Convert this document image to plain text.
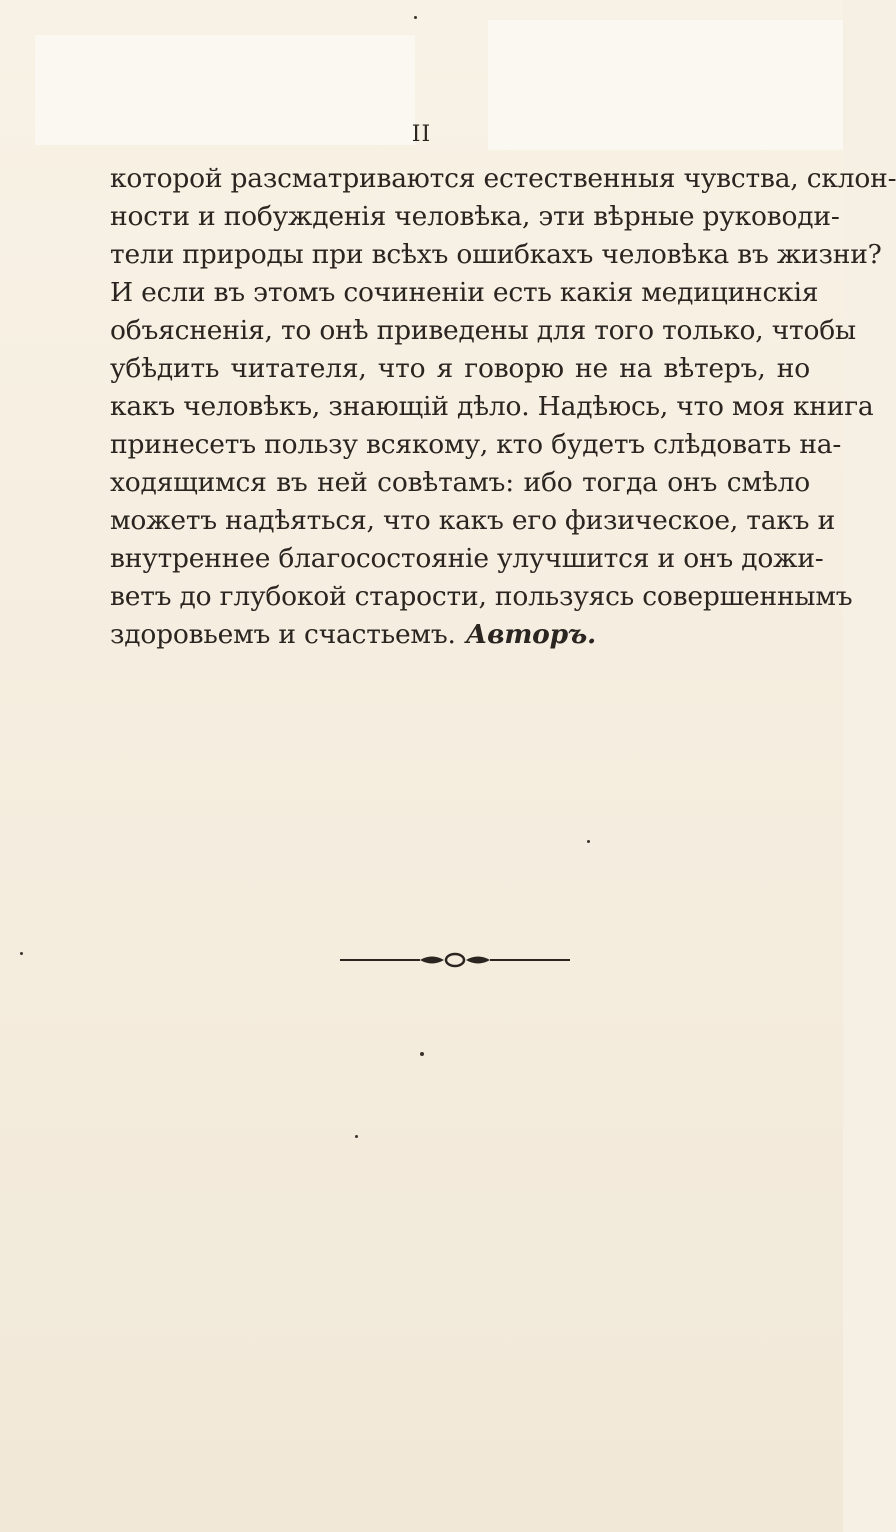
II
которой разсматриваются естественныя чувства, склон-
ности и побужденія человѣка, эти вѣрные руководи-
тели природы при всѣхъ ошибкахъ человѣка въ жизни?
И если въ этомъ сочиненіи есть какія медицинскія
объясненія, то онѣ приведены для того только, чтобы
убѣдить читателя, что я говорю не на вѣтеръ, но
какъ человѣкъ, знающій дѣло. Надѣюсь, что моя книга
принесетъ пользу всякому, кто будетъ слѣдовать на-
ходящимся въ ней совѣтамъ: ибо тогда онъ смѣло
можетъ надѣяться, что какъ его физическое, такъ и
внутреннее благосостояніе улучшится и онъ дожи-
ветъ до глубокой старости, пользуясь совершеннымъ
здоровьемъ и счастьемъ. Авторъ.
